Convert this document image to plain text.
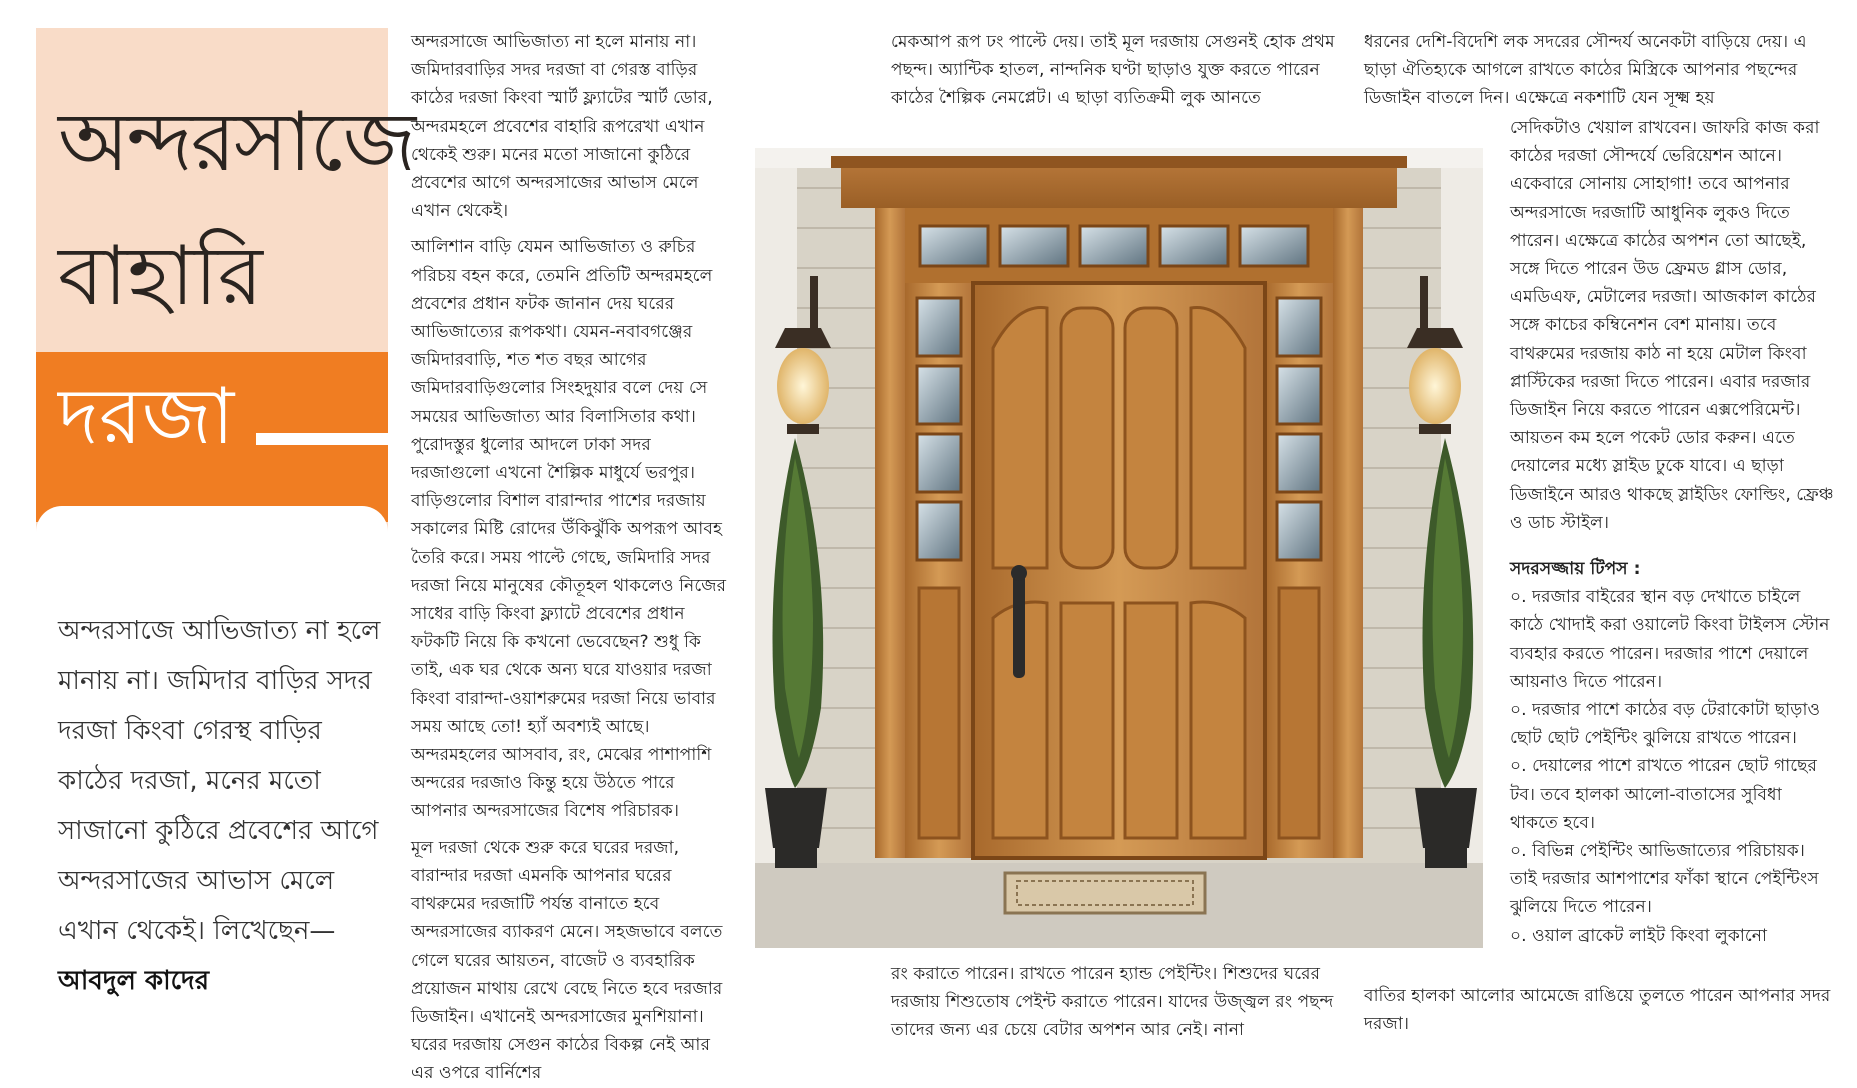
অন্দরসাজে
বাহারি
দরজা
অন্দরসাজে আভিজাত্য না হলে মানায় না। জমিদার বাড়ির সদর দরজা কিংবা গেরস্থ বাড়ির কাঠের দরজা, মনের মতো সাজানো কুঠিরে প্রবেশের আগে অন্দরসাজের আভাস মেলে এখান থেকেই। লিখেছেন— আবদুল কাদের

অন্দরসাজে আভিজাত্য না হলে মানায় না। জমিদারবাড়ির সদর দরজা বা গেরস্ত বাড়ির কাঠের দরজা কিংবা স্মার্ট ফ্ল্যাটের স্মার্ট ডোর, অন্দরমহলে প্রবেশের বাহারি রূপরেখা এখান থেকেই শুরু। মনের মতো সাজানো কুঠিরে প্রবেশের আগে অন্দরসাজের আভাস মেলে এখান থেকেই।

আলিশান বাড়ি যেমন আভিজাত্য ও রুচির পরিচয় বহন করে, তেমনি প্রতিটি অন্দরমহলে প্রবেশের প্রধান ফটক জানান দেয় ঘরের আভিজাত্যের রূপকথা। যেমন-নবাবগঞ্জের জমিদারবাড়ি, শত শত বছর আগের জমিদারবাড়িগুলোর সিংহদুয়ার বলে দেয় সে সময়ের আভিজাত্য আর বিলাসিতার কথা। পুরোদস্তুর ধুলোর আদলে ঢাকা সদর দরজাগুলো এখনো শৈল্পিক মাধুর্যে ভরপুর। বাড়িগুলোর বিশাল বারান্দার পাশের দরজায় সকালের মিষ্টি রোদের উঁকিঝুঁকি অপরূপ আবহ তৈরি করে। সময় পাল্টে গেছে, জমিদারি সদর দরজা নিয়ে মানুষের কৌতূহল থাকলেও নিজের সাধের বাড়ি কিংবা ফ্ল্যাটে প্রবেশের প্রধান ফটকটি নিয়ে কি কখনো ভেবেছেন? শুধু কি তাই, এক ঘর থেকে অন্য ঘরে যাওয়ার দরজা কিংবা বারান্দা-ওয়াশরুমের দরজা নিয়ে ভাবার সময় আছে তো! হ্যাঁ অবশ্যই আছে। অন্দরমহলের আসবাব, রং, মেঝের পাশাপাশি অন্দরের দরজাও কিন্তু হয়ে উঠতে পারে আপনার অন্দরসাজের বিশেষ পরিচারক।

মূল দরজা থেকে শুরু করে ঘরের দরজা, বারান্দার দরজা এমনকি আপনার ঘরের বাথরুমের দরজাটি পর্যন্ত বানাতে হবে অন্দরসাজের ব্যাকরণ মেনে। সহজভাবে বলতে গেলে ঘরের আয়তন, বাজেট ও ব্যবহারিক প্রয়োজন মাথায় রেখে বেছে নিতে হবে দরজার ডিজাইন। এখানেই অন্দরসাজের মুনশিয়ানা। ঘরের দরজায় সেগুন কাঠের বিকল্প নেই আর এর ওপরে বার্নিশের

মেকআপ রূপ ঢং পাল্টে দেয়। তাই মূল দরজায় সেগুনই হোক প্রথম পছন্দ। অ্যান্টিক হাতল, নান্দনিক ঘণ্টা ছাড়াও যুক্ত করতে পারেন কাঠের শৈল্পিক নেমপ্লেট। এ ছাড়া ব্যতিক্রমী লুক আনতে

রং করাতে পারেন। রাখতে পারেন হ্যান্ড পেইন্টিং। শিশুদের ঘরের দরজায় শিশুতোষ পেইন্ট করাতে পারেন। যাদের উজ্জ্বল রং পছন্দ তাদের জন্য এর চেয়ে বেটার অপশন আর নেই। নানা

ধরনের দেশি-বিদেশি লক সদরের সৌন্দর্য অনেকটা বাড়িয়ে দেয়। এ ছাড়া ঐতিহ্যকে আগলে রাখতে কাঠের মিস্ত্রিকে আপনার পছন্দের ডিজাইন বাতলে দিন। এক্ষেত্রে নকশাটি যেন সূক্ষ্ম হয়

সেদিকটাও খেয়াল রাখবেন। জাফরি কাজ করা কাঠের দরজা সৌন্দর্যে ভেরিয়েশন আনে। একেবারে সোনায় সোহাগা! তবে আপনার অন্দরসাজে দরজাটি আধুনিক লুকও দিতে পারেন। এক্ষেত্রে কাঠের অপশন তো আছেই, সঙ্গে দিতে পারেন উড ফ্রেমড গ্লাস ডোর, এমডিএফ, মেটালের দরজা। আজকাল কাঠের সঙ্গে কাচের কম্বিনেশন বেশ মানায়। তবে বাথরুমের দরজায় কাঠ না হয়ে মেটাল কিংবা প্লাস্টিকের দরজা দিতে পারেন। এবার দরজার ডিজাইন নিয়ে করতে পারেন এক্সপেরিমেন্ট। আয়তন কম হলে পকেট ডোর করুন। এতে দেয়ালের মধ্যে স্লাইড ঢুকে যাবে। এ ছাড়া ডিজাইনে আরও থাকছে স্লাইডিং ফোল্ডিং, ফ্রেঞ্চ ও ডাচ স্টাইল।

সদরসজ্জায় টিপস :

০. দরজার বাইরের স্থান বড় দেখাতে চাইলে কাঠে খোদাই করা ওয়ালেট কিংবা টাইলস স্টোন ব্যবহার করতে পারেন। দরজার পাশে দেয়ালে আয়নাও দিতে পারেন।

০. দরজার পাশে কাঠের বড় টেরাকোটা ছাড়াও ছোট ছোট পেইন্টিং ঝুলিয়ে রাখতে পারেন।

০. দেয়ালের পাশে রাখতে পারেন ছোট গাছের টব। তবে হালকা আলো-বাতাসের সুবিধা থাকতে হবে।

০. বিভিন্ন পেইন্টিং আভিজাত্যের পরিচায়ক। তাই দরজার আশপাশের ফাঁকা স্থানে পেইন্টিংস ঝুলিয়ে দিতে পারেন।

০. ওয়াল ব্রাকেট লাইট কিংবা লুকানো

বাতির হালকা আলোর আমেজে রাঙিয়ে তুলতে পারেন আপনার সদর দরজা।
